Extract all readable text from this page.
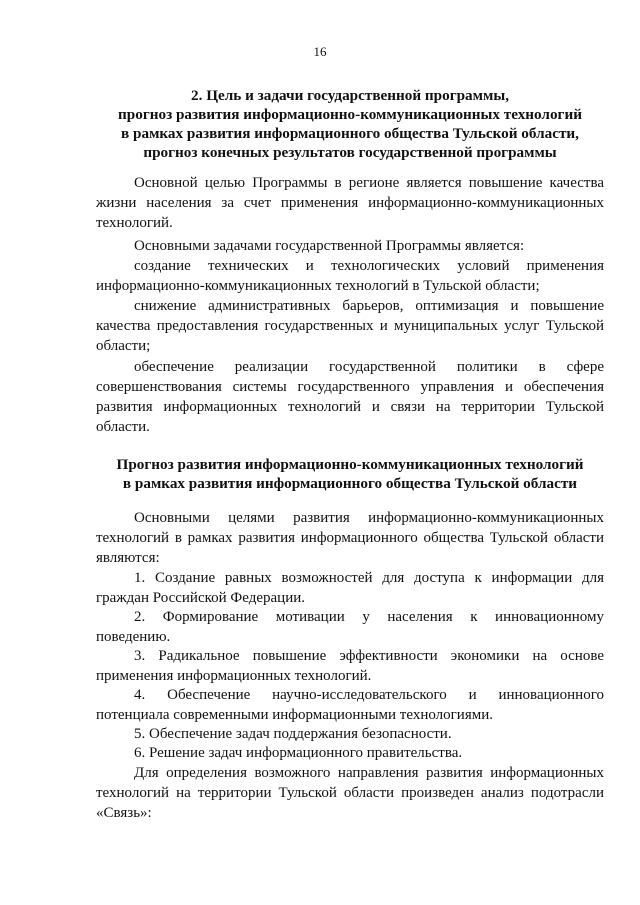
16
2. Цель и задачи государственной программы,
прогноз развития информационно-коммуникационных технологий
в рамках развития информационного общества Тульской области,
прогноз конечных результатов государственной программы

Основной целью Программы в регионе является повышение качества
жизни населения за счет применения информационно-коммуникационных
технологий.

Основными задачами государственной Программы является:

создание технических и технологических условий применения
информационно-коммуникационных технологий в Тульской области;

снижение административных барьеров, оптимизация и повышение
качества предоставления государственных и муниципальных услуг Тульской
области;

обеспечение реализации государственной политики в сфере
совершенствования системы государственного управления и обеспечения
развития информационных технологий и связи на территории Тульской
области.

Прогноз развития информационно-коммуникационных технологий
в рамках развития информационного общества Тульской области

Основными целями развития информационно-коммуникационных
технологий в рамках развития информационного общества Тульской области
являются:

1. Создание равных возможностей для доступа к информации для
граждан Российской Федерации.

2. Формирование мотивации у населения к инновационному
поведению.

3. Радикальное повышение эффективности экономики на основе
применения информационных технологий.

4. Обеспечение научно-исследовательского и инновационного
потенциала современными информационными технологиями.

5. Обеспечение задач поддержания безопасности.

6. Решение задач информационного правительства.

Для определения возможного направления развития информационных
технологий на территории Тульской области произведен анализ подотрасли
«Связь»:
